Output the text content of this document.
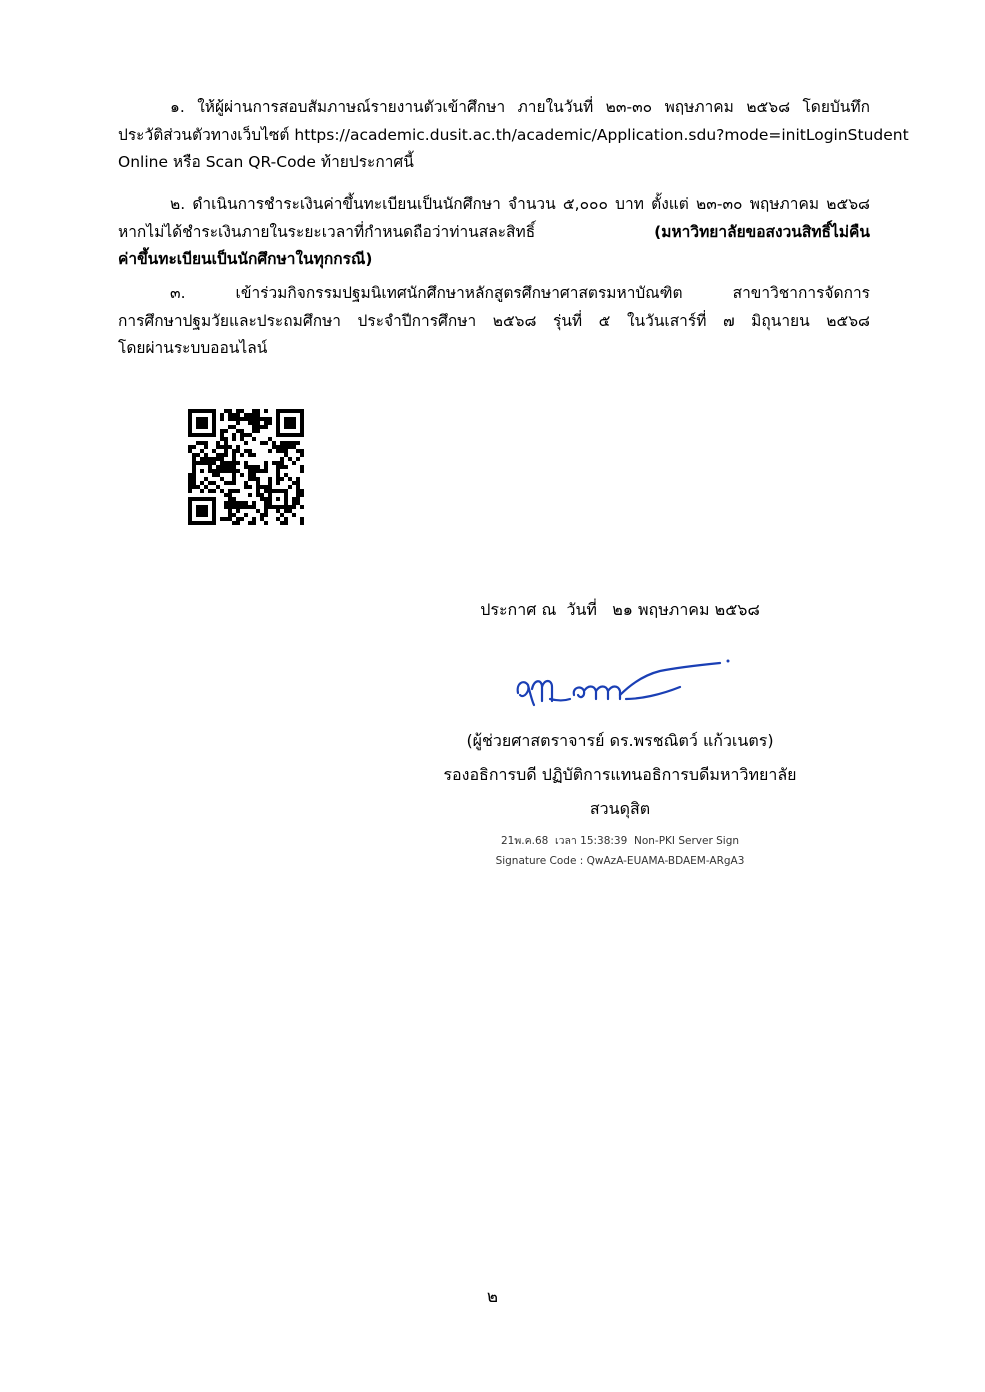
๑. ให้ผู้ผ่านการสอบสัมภาษณ์รายงานตัวเข้าศึกษา ภายในวันที่ ๒๓-๓๐ พฤษภาคม ๒๕๖๘ โดยบันทึก
ประวัติส่วนตัวทางเว็บไซต์ https://academic.dusit.ac.th/academic/Application.sdu?mode=initLoginStudent
Online หรือ Scan QR-Code ท้ายประกาศนี้
๒. ดำเนินการชำระเงินค่าขึ้นทะเบียนเป็นนักศึกษา จำนวน ๕,๐๐๐ บาท ตั้งแต่ ๒๓-๓๐ พฤษภาคม ๒๕๖๘
หากไม่ได้ชำระเงินภายในระยะเวลาที่กำหนดถือว่าท่านสละสิทธิ์	(มหาวิทยาลัยขอสงวนสิทธิ์ไม่คืน
ค่าขึ้นทะเบียนเป็นนักศึกษาในทุกกรณี)
๓. เข้าร่วมกิจกรรมปฐมนิเทศนักศึกษาหลักสูตรศึกษาศาสตรมหาบัณฑิต สาขาวิชาการจัดการ
การศึกษาปฐมวัยและประถมศึกษา ประจำปีการศึกษา ๒๕๖๘ รุ่นที่ ๕ ในวันเสาร์ที่ ๗ มิถุนายน ๒๕๖๘
โดยผ่านระบบออนไลน์
ประกาศ ณ  วันที่   ๒๑ พฤษภาคม ๒๕๖๘
(ผู้ช่วยศาสตราจารย์ ดร.พรชณิตว์ แก้วเนตร)
รองอธิการบดี ปฏิบัติการแทนอธิการบดีมหาวิทยาลัย
สวนดุสิต
21พ.ค.68  เวลา 15:38:39  Non-PKI Server Sign
Signature Code : QwAzA-EUAMA-BDAEM-ARgA3
๒
